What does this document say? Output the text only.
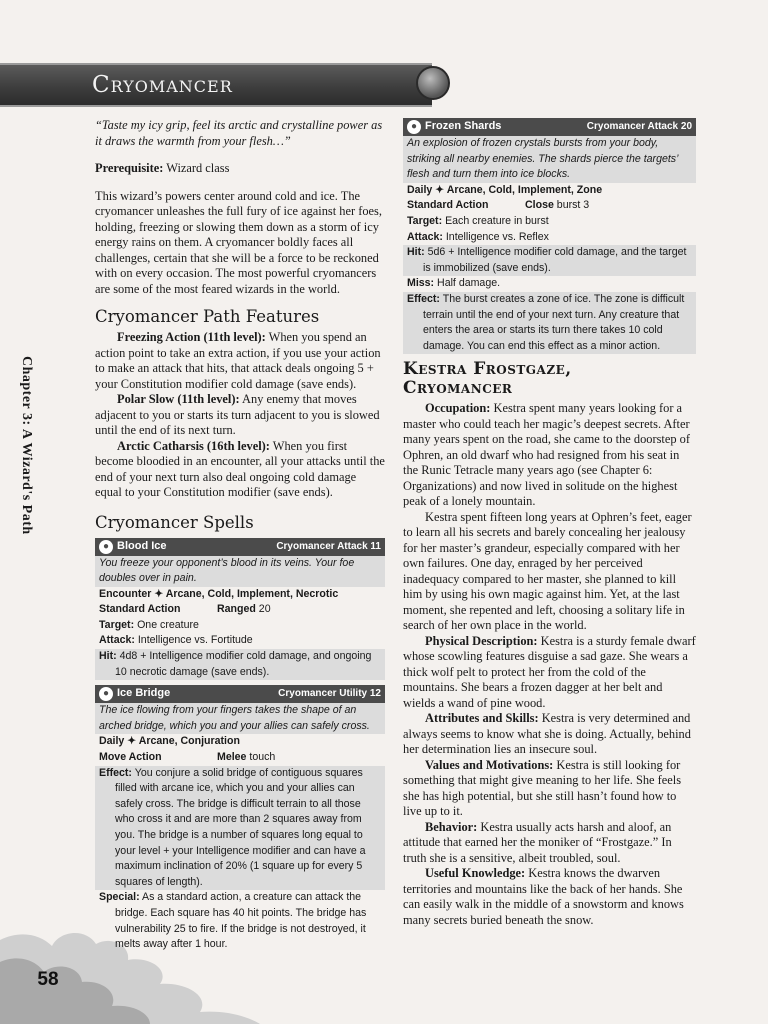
Cryomancer
Chapter 3: A Wizard's Path
58

“Taste my icy grip, feel its arctic and crystalline power as it draws the warmth from your flesh…”

Prerequisite: Wizard class

This wizard’s powers center around cold and ice. The cryomancer unleashes the full fury of ice against her foes, holding, freezing or slowing them down as a storm of icy energy rains on them. A cryomancer boldly faces all challenges, certain that she will be a force to be reckoned with on every occasion. The most powerful cryomancers are some of the most feared wizards in the world.

Cryomancer Path Features

Freezing Action (11th level): When you spend an action point to take an extra action, if you use your action to make an attack that hits, that attack deals ongoing 5 + your Constitution modifier cold damage (save ends).

Polar Slow (11th level): Any enemy that moves adjacent to you or starts its turn adjacent to you is slowed until the end of its next turn.

Arctic Catharsis (16th level): When you first become bloodied in an encounter, all your attacks until the end of your next turn also deal ongoing cold damage equal to your Constitution modifier (save ends).

Cryomancer Spells
● Blood Ice	Cryomancer Attack 11
You freeze your opponent’s blood in its veins. Your foe doubles over in pain.
Encounter ✦ Arcane, Cold, Implement, Necrotic
Standard Action	Ranged 20
Target: One creature
Attack: Intelligence vs. Fortitude
Hit: 4d8 + Intelligence modifier cold damage, and ongoing 10 necrotic damage (save ends).
● Ice Bridge	Cryomancer Utility 12
The ice flowing from your fingers takes the shape of an arched bridge, which you and your allies can safely cross.
Daily ✦ Arcane, Conjuration
Move Action	Melee touch
Effect: You conjure a solid bridge of contiguous squares filled with arcane ice, which you and your allies can safely cross. The bridge is difficult terrain to all those who cross it and are more than 2 squares away from you. The bridge is a number of squares long equal to your level + your Intelligence modifier and can have a maximum inclination of 20% (1 square up for every 5 squares of length).
Special: As a standard action, a creature can attack the bridge. Each square has 40 hit points. The bridge has vulnerability 25 to fire. If the bridge is not destroyed, it melts away after 1 hour.
● Frozen Shards	Cryomancer Attack 20
An explosion of frozen crystals bursts from your body, striking all nearby enemies. The shards pierce the targets’ flesh and turn them into ice blocks.
Daily ✦ Arcane, Cold, Implement, Zone
Standard Action	Close burst 3
Target: Each creature in burst
Attack: Intelligence vs. Reflex
Hit: 5d6 + Intelligence modifier cold damage, and the target is immobilized (save ends).
Miss: Half damage.
Effect: The burst creates a zone of ice. The zone is difficult terrain until the end of your next turn. Any creature that enters the area or starts its turn there takes 10 cold damage. You can end this effect as a minor action.
Kestra Frostgaze,
Cryomancer

Occupation: Kestra spent many years looking for a master who could teach her magic’s deepest secrets. After many years spent on the road, she came to the doorstep of Ophren, an old dwarf who had resigned from his seat in the Runic Tetracle many years ago (see Chapter 6: Organizations) and now lived in solitude on the highest peak of a lonely mountain.

Kestra spent fifteen long years at Ophren’s feet, eager to learn all his secrets and barely concealing her jealousy for her master’s grandeur, especially compared with her own failures. One day, enraged by her perceived inadequacy compared to her master, she planned to kill him by using his own magic against him. Yet, at the last moment, she repented and left, choosing a solitary life in search of her own place in the world.

Physical Description: Kestra is a sturdy female dwarf whose scowling features disguise a sad gaze. She wears a thick wolf pelt to protect her from the cold of the mountains. She bears a frozen dagger at her belt and wields a wand of pine wood.

Attributes and Skills: Kestra is very determined and always seems to know what she is doing. Actually, behind her determination lies an insecure soul.

Values and Motivations: Kestra is still looking for something that might give meaning to her life. She feels she has high potential, but she still hasn’t found how to live up to it.

Behavior: Kestra usually acts harsh and aloof, an attitude that earned her the moniker of “Frostgaze.” In truth she is a sensitive, albeit troubled, soul.

Useful Knowledge: Kestra knows the dwarven territories and mountains like the back of her hands. She can easily walk in the middle of a snowstorm and knows many secrets buried beneath the snow.
